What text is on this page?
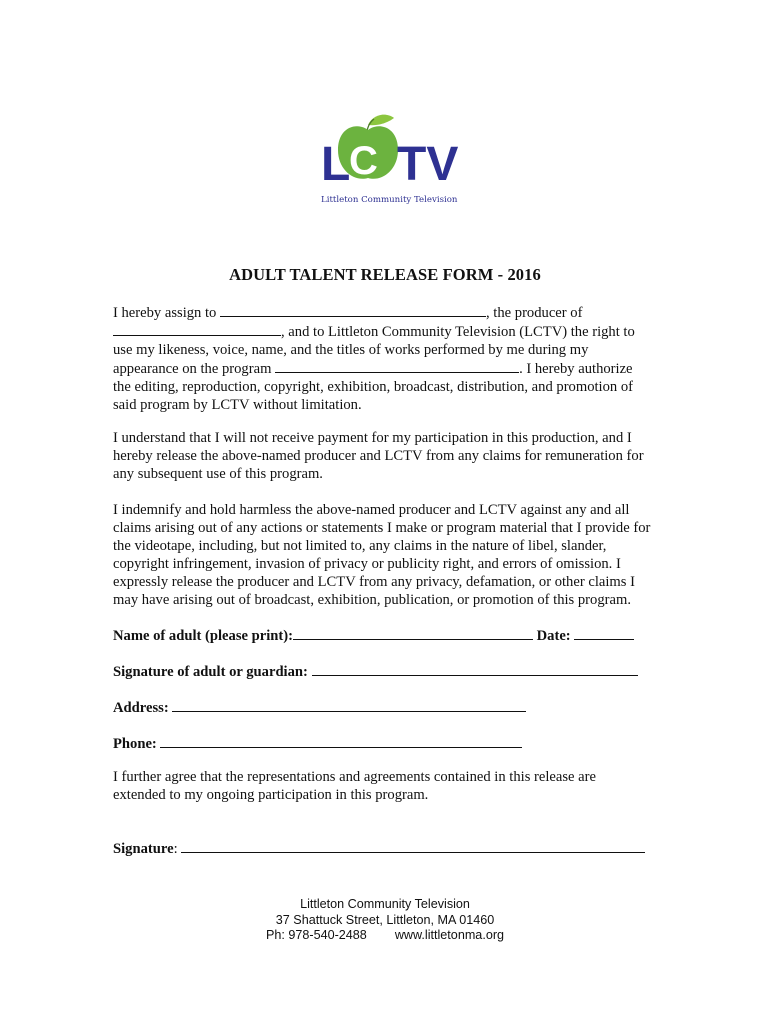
L
C TV
Littleton Community Television
ADULT TALENT RELEASE FORM - 2016
I hereby assign to	, the producer of
, and to Littleton Community Television (LCTV) the right to
use my likeness, voice, name, and the titles of works performed by me during my
appearance on the program	. I hereby authorize
the editing, reproduction, copyright, exhibition, broadcast, distribution, and promotion of
said program by LCTV without limitation.

I understand that I will not receive payment for my participation in this production, and I hereby release the above-named producer and LCTV from any claims for remuneration for any subsequent use of this program.

I indemnify and hold harmless the above-named producer and LCTV against any and all claims arising out of any actions or statements I make or program material that I provide for the videotape, including, but not limited to, any claims in the nature of libel, slander, copyright infringement, invasion of privacy or publicity right, and errors of omission. I expressly release the producer and LCTV from any privacy, defamation, or other claims I may have arising out of broadcast, exhibition, publication, or promotion of this program.

Name of adult (please print):	Date:
Signature of adult or guardian:
Address:
Phone:

I further agree that the representations and agreements contained in this release are extended to my ongoing participation in this program.

Signature:
Littleton Community Television
37 Shattuck Street, Littleton, MA 01460
Ph: 978-540-2488 www.littletonma.org
